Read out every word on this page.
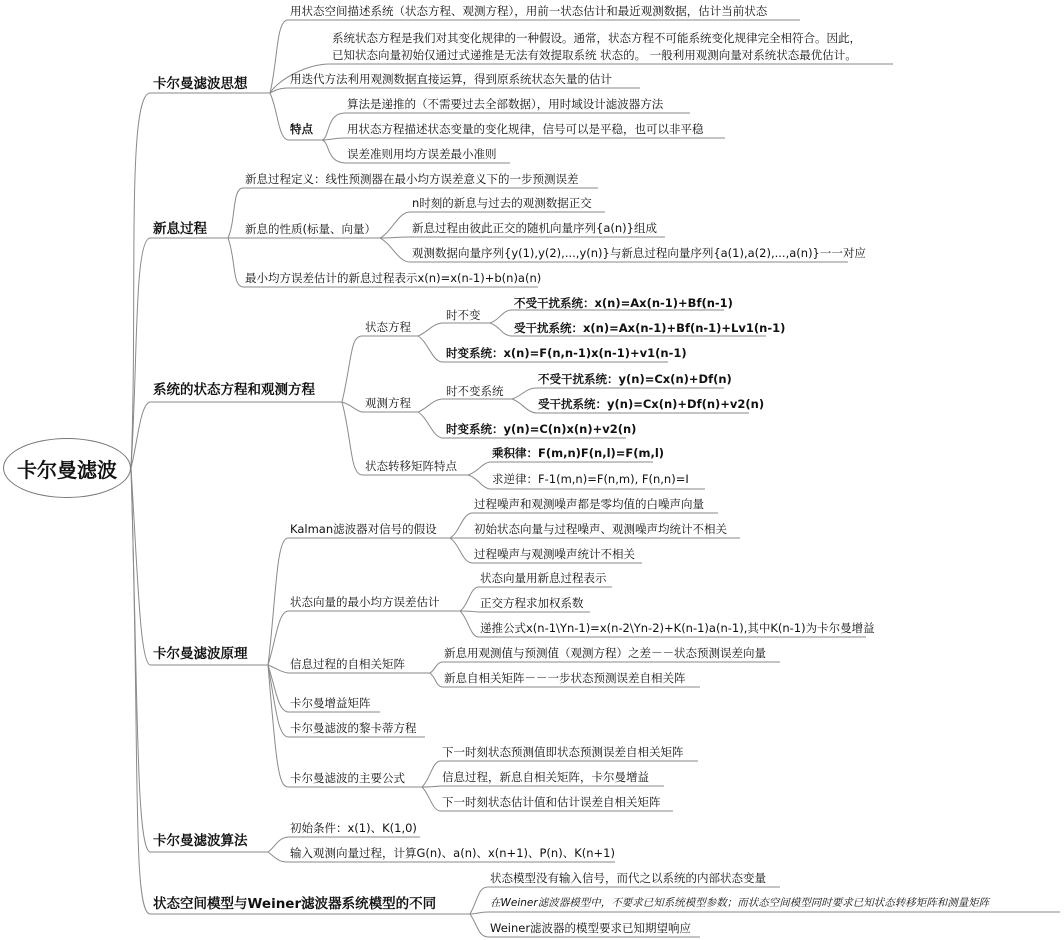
卡尔曼滤波
卡尔曼滤波思想
用状态空间描述系统（状态方程、观测方程），用前一状态估计和最近观测数据，估计当前状态
系统状态方程是我们对其变化规律的一种假设。通常，状态方程不可能系统变化规律完全相符合。因此，
已知状态向量初始仅通过式递推是无法有效提取系统 状态的。 一般利用观测向量对系统状态最优估计。
用迭代方法利用观测数据直接运算，得到原系统状态矢量的估计
特点
算法是递推的（不需要过去全部数据），用时域设计滤波器方法
用状态方程描述状态变量的变化规律，信号可以是平稳，也可以非平稳
误差准则用均方误差最小准则
新息过程
新息过程定义：线性预测器在最小均方误差意义下的一步预测误差
新息的性质(标量、向量）
n时刻的新息与过去的观测数据正交
新息过程由彼此正交的随机向量序列{a(n)}组成
观测数据向量序列{y(1),y(2),...,y(n)}与新息过程向量序列{a(1),a(2),...,a(n)}一一对应
最小均方误差估计的新息过程表示x(n)=x(n-1)+b(n)a(n)
系统的状态方程和观测方程
状态方程
时不变
不受干扰系统：x(n)=Ax(n-1)+Bf(n-1)
受干扰系统：x(n)=Ax(n-1)+Bf(n-1)+Lv1(n-1)
时变系统：x(n)=F(n,n-1)x(n-1)+v1(n-1)
观测方程
时不变系统
不受干扰系统：y(n)=Cx(n)+Df(n)
受干扰系统：y(n)=Cx(n)+Df(n)+v2(n)
时变系统：y(n)=C(n)x(n)+v2(n)
状态转移矩阵特点
乘积律：F(m,n)F(n,l)=F(m,l)
求逆律：F-1(m,n)=F(n,m), F(n,n)=I
卡尔曼滤波原理
Kalman滤波器对信号的假设
过程噪声和观测噪声都是零均值的白噪声向量
初始状态向量与过程噪声、观测噪声均统计不相关
过程噪声与观测噪声统计不相关
状态向量的最小均方误差估计
状态向量用新息过程表示
正交方程求加权系数
递推公式x(n-1\Yn-1)=x(n-2\Yn-2)+K(n-1)a(n-1),其中K(n-1)为卡尔曼增益
信息过程的自相关矩阵
新息用观测值与预测值（观测方程）之差－－状态预测误差向量
新息自相关矩阵－－一步状态预测误差自相关阵
卡尔曼增益矩阵
卡尔曼滤波的黎卡蒂方程
卡尔曼滤波的主要公式
下一时刻状态预测值即状态预测误差自相关矩阵
信息过程，新息自相关矩阵，卡尔曼增益
下一时刻状态估计值和估计误差自相关矩阵
卡尔曼滤波算法
初始条件：x(1)、K(1,0)
输入观测向量过程，计算G(n)、a(n)、x(n+1)、P(n)、K(n+1)
状态空间模型与Weiner滤波器系统模型的不同
状态模型没有输入信号，而代之以系统的内部状态变量
在Weiner滤波器模型中，不要求已知系统模型参数；而状态空间模型同时要求已知状态转移矩阵和测量矩阵
Weiner滤波器的模型要求已知期望响应
